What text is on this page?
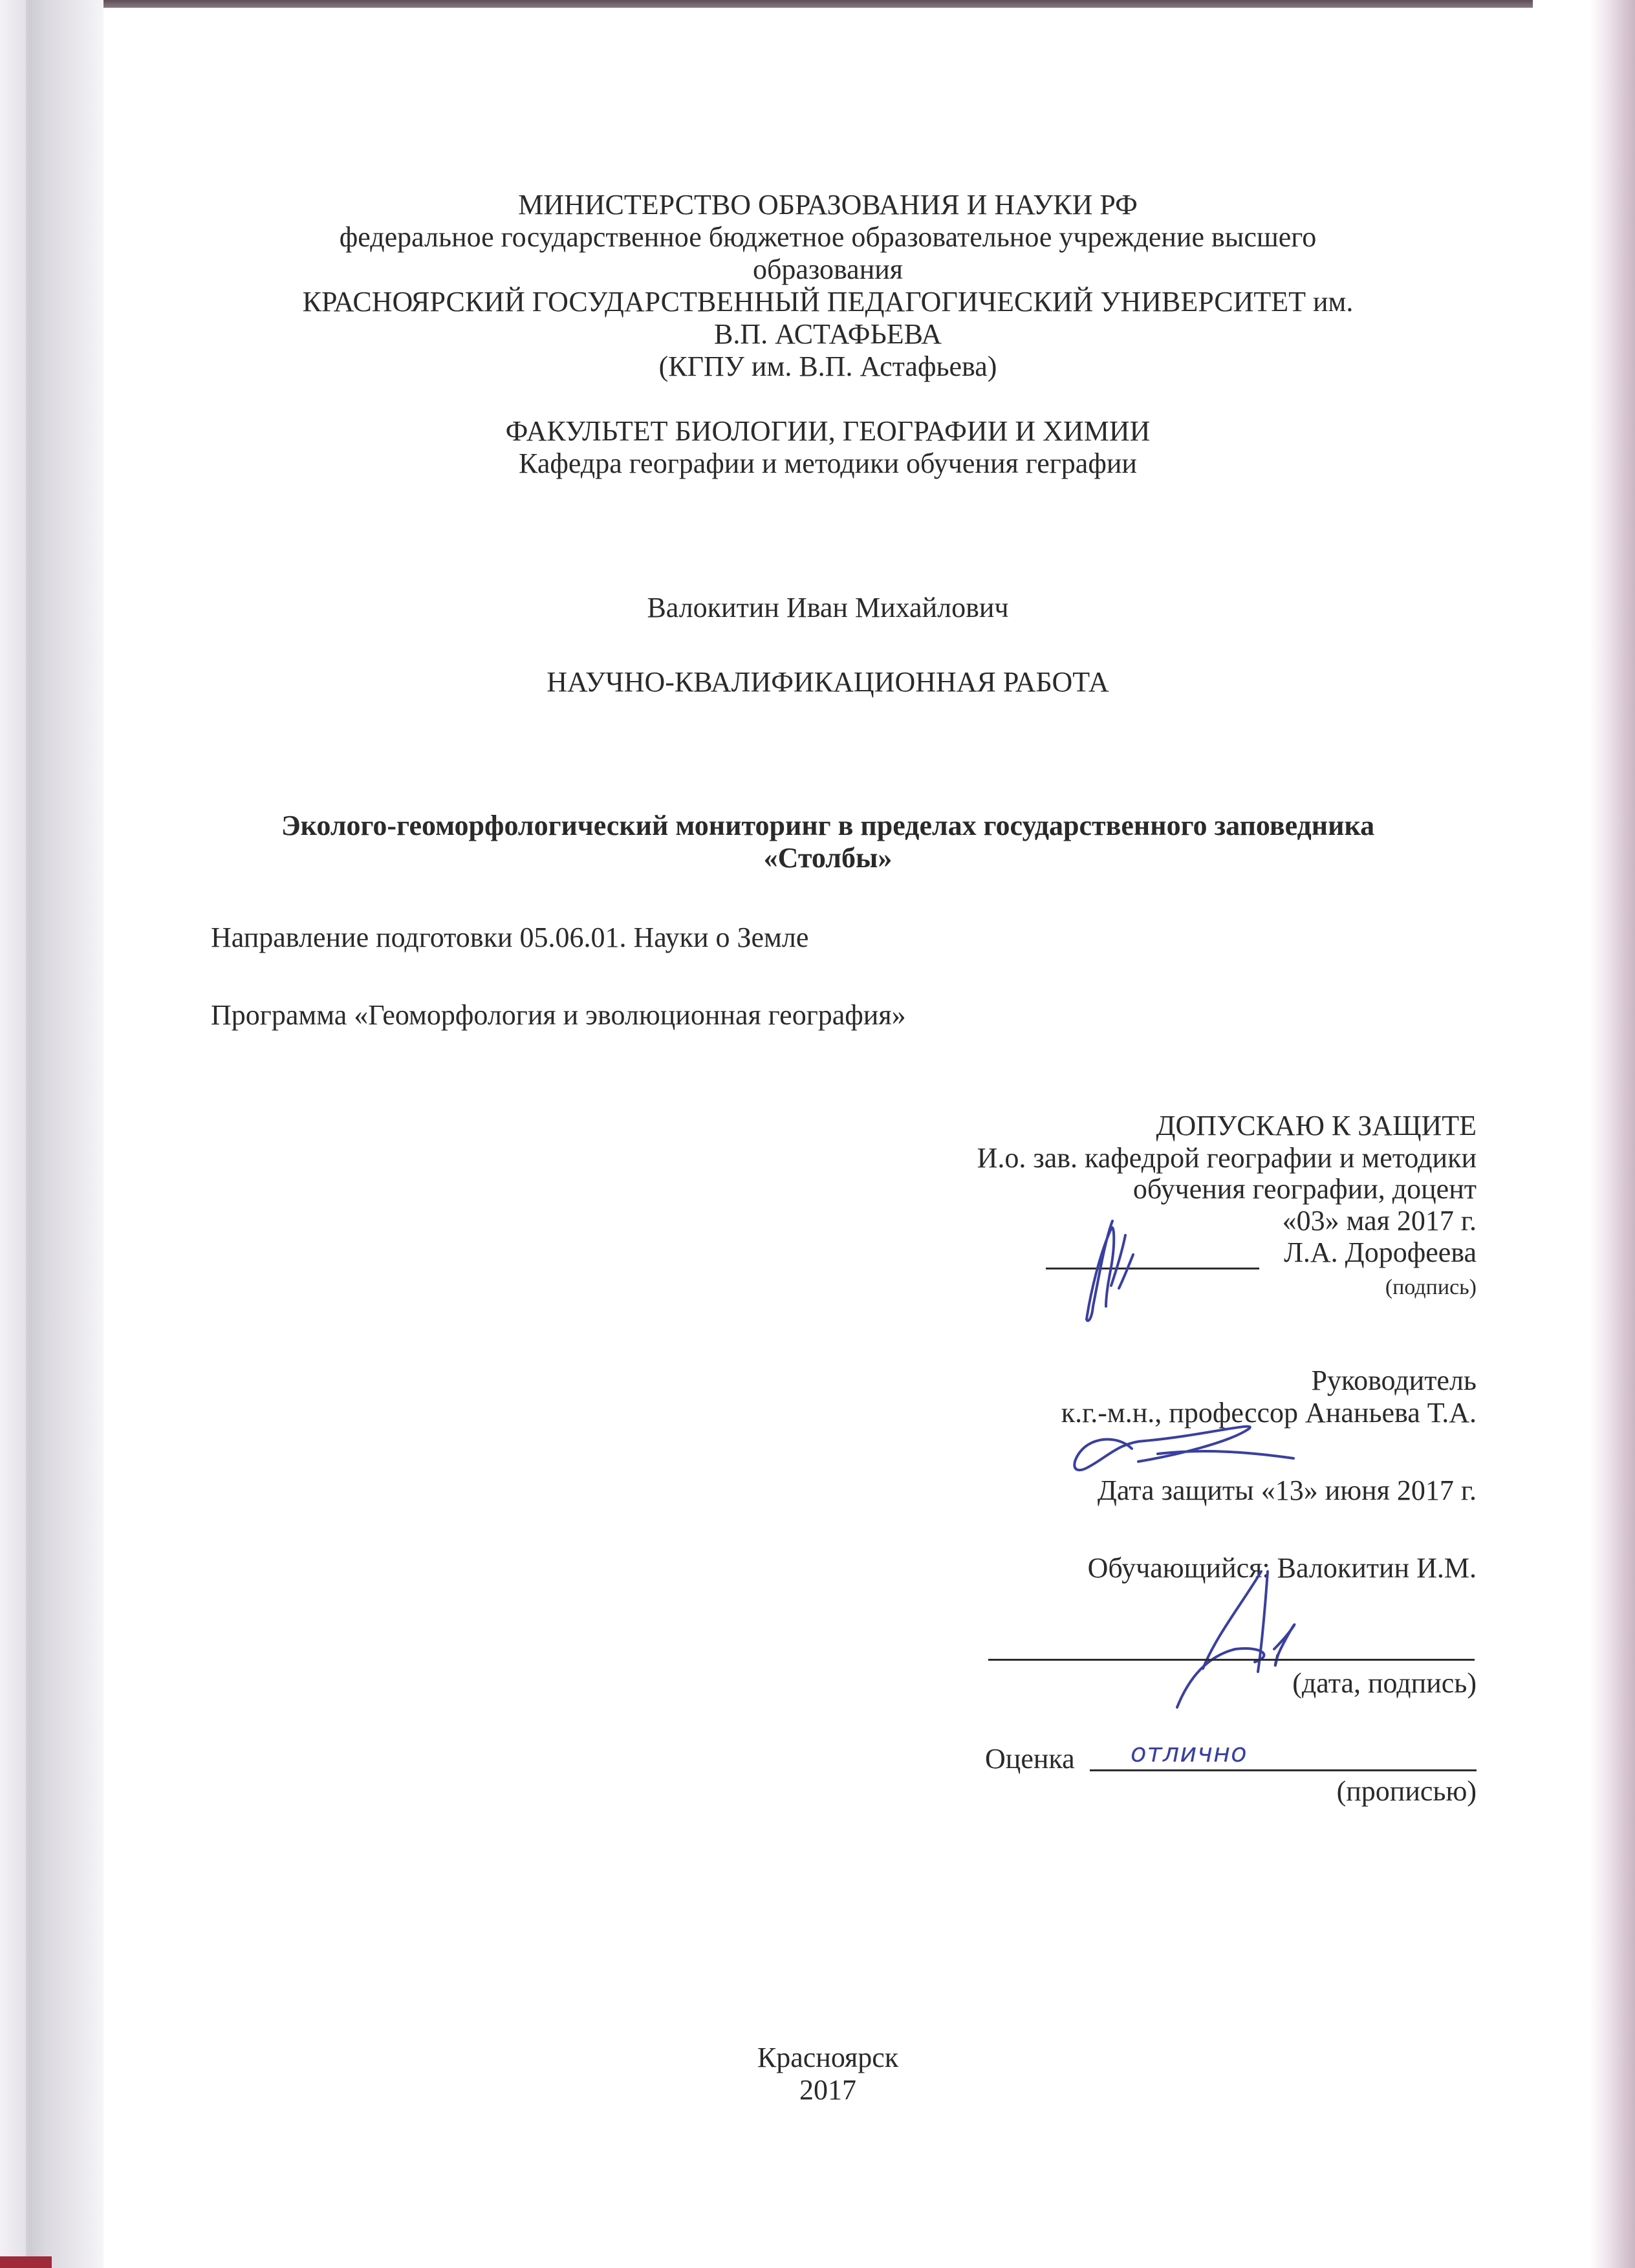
МИНИСТЕРСТВО ОБРАЗОВАНИЯ И НАУКИ РФ
федеральное государственное бюджетное образовательное учреждение высшего
образования
КРАСНОЯРСКИЙ ГОСУДАРСТВЕННЫЙ ПЕДАГОГИЧЕСКИЙ УНИВЕРСИТЕТ им.
В.П. АСТАФЬЕВА
(КГПУ им. В.П. Астафьева)
ФАКУЛЬТЕТ БИОЛОГИИ, ГЕОГРАФИИ И ХИМИИ
Кафедра географии и методики обучения геграфии
Валокитин Иван Михайлович
НАУЧНО-КВАЛИФИКАЦИОННАЯ РАБОТА
Эколого-геоморфологический мониторинг в пределах государственного заповедника
«Столбы»
Направление подготовки 05.06.01. Науки о Земле
Программа «Геоморфология и эволюционная география»
ДОПУСКАЮ К ЗАЩИТЕ
И.о. зав. кафедрой географии и методики
обучения географии, доцент
«03» мая 2017 г.
Л.А. Дорофеева
(подпись)
Руководитель
к.г.-м.н., профессор Ананьева Т.А.
Дата защиты «13» июня 2017 г.
Обучающийся: Валокитин И.М.
(дата, подпись)
Оценка отлично
(прописью)
Красноярск
2017
